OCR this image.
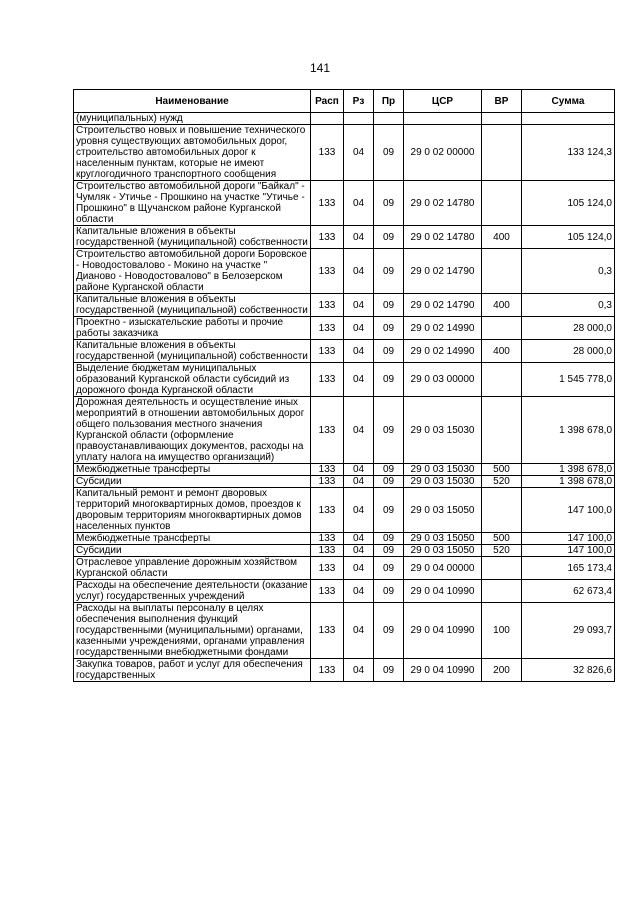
141
Наименование	Расп	Рз	Пр	ЦСР	ВР	Сумма
(муниципальных) нужд						
Строительство новых и повышение технического уровня существующих автомобильных дорог, строительство автомобильных дорог к населенным пунктам, которые не имеют круглогодичного транспортного сообщения	133	04	09	29 0 02 00000		133 124,3
Строительство автомобильной дороги "Байкал" - Чумляк - Утичье - Прошкино на участке "Утичье - Прошкино" в Щучанском районе Курганской области	133	04	09	29 0 02 14780		105 124,0
Капитальные вложения в объекты государственной (муниципальной) собственности	133	04	09	29 0 02 14780	400	105 124,0
Строительство автомобильной дороги Боровское - Новодостовалово - Мокино на участке " Дианово - Новодостовалово" в Белозерском районе Курганской области	133	04	09	29 0 02 14790		0,3
Капитальные вложения в объекты государственной (муниципальной) собственности	133	04	09	29 0 02 14790	400	0,3
Проектно - изыскательские работы и прочие работы заказчика	133	04	09	29 0 02 14990		28 000,0
Капитальные вложения в объекты государственной (муниципальной) собственности	133	04	09	29 0 02 14990	400	28 000,0
Выделение бюджетам муниципальных образований Курганской области субсидий из дорожного фонда Курганской области	133	04	09	29 0 03 00000		1 545 778,0
Дорожная деятельность и осуществление иных мероприятий в отношении автомобильных дорог общего пользования местного значения Курганской области (оформление правоустанавливающих документов, расходы на уплату налога на имущество организаций)	133	04	09	29 0 03 15030		1 398 678,0
Межбюджетные трансферты	133	04	09	29 0 03 15030	500	1 398 678,0
Субсидии	133	04	09	29 0 03 15030	520	1 398 678,0
Капитальный ремонт и ремонт дворовых территорий многоквартирных домов, проездов к дворовым территориям многоквартирных домов населенных пунктов	133	04	09	29 0 03 15050		147 100,0
Межбюджетные трансферты	133	04	09	29 0 03 15050	500	147 100,0
Субсидии	133	04	09	29 0 03 15050	520	147 100,0
Отраслевое управление дорожным хозяйством Курганской области	133	04	09	29 0 04 00000		165 173,4
Расходы на обеспечение деятельности (оказание услуг) государственных учреждений	133	04	09	29 0 04 10990		62 673,4
Расходы на выплаты персоналу в целях обеспечения выполнения функций государственными (муниципальными) органами, казенными учреждениями, органами управления государственными внебюджетными фондами	133	04	09	29 0 04 10990	100	29 093,7
Закупка товаров, работ и услуг для обеспечения государственных	133	04	09	29 0 04 10990	200	32 826,6
